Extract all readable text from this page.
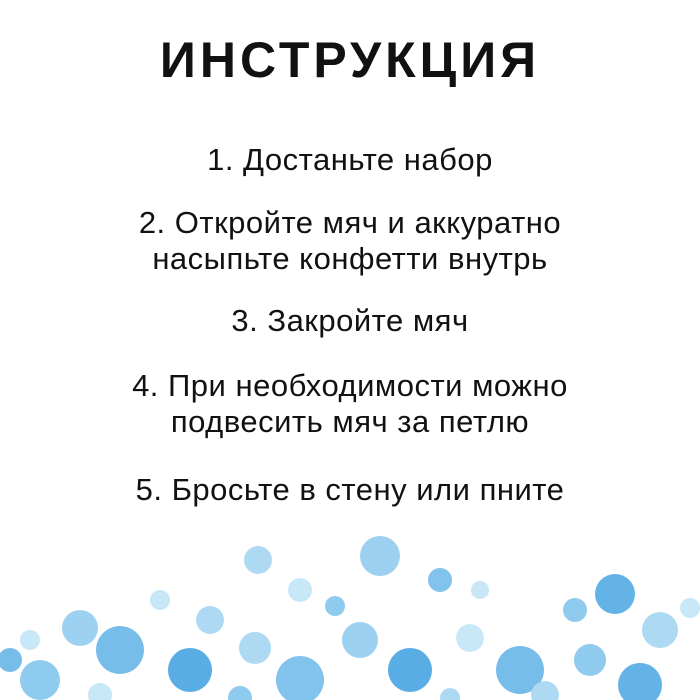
ИНСТРУКЦИЯ
1. Достаньте набор
2. Откройте мяч и аккуратно
насыпьте конфетти внутрь
3. Закройте мяч
4. При необходимости можно
подвесить мяч за петлю
5. Бросьте в стену или пните
